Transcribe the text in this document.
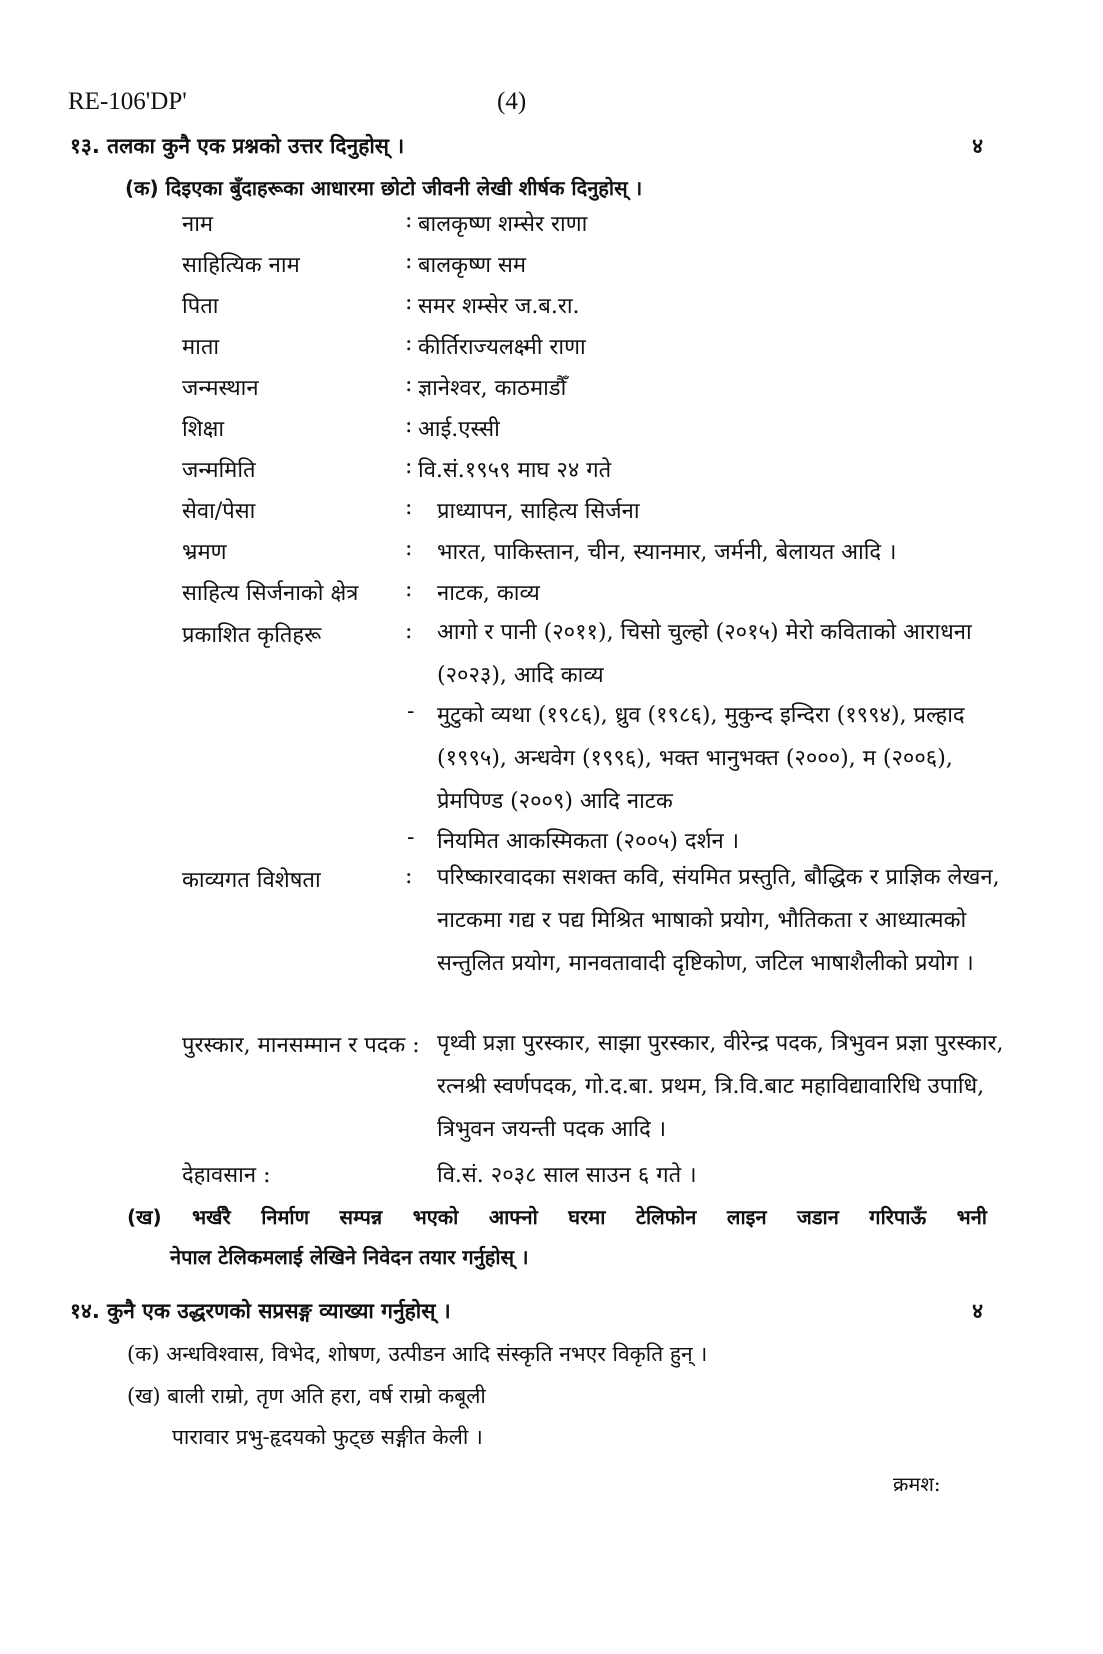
RE-106'DP'	(4)
१३. तलका कुनै एक प्रश्नको उत्तर दिनुहोस् ।	४
(क) दिइएका बुँदाहरूका आधारमा छोटो जीवनी लेखी शीर्षक दिनुहोस् ।
नाम	: बालकृष्ण शम्सेर राणा
साहित्यिक नाम	: बालकृष्ण सम
पिता	: समर शम्सेर ज.ब.रा.
माता	: कीर्तिराज्यलक्ष्मी राणा
जन्मस्थान	: ज्ञानेश्वर, काठमाडौँ
शिक्षा	: आई.एस्सी
जन्ममिति	: वि.सं.१९५९ माघ २४ गते
सेवा/पेसा	: प्राध्यापन, साहित्य सिर्जना
भ्रमण	: भारत, पाकिस्तान, चीन, स्यानमार, जर्मनी, बेलायत आदि ।
साहित्य सिर्जनाको क्षेत्र : नाटक, काव्य
प्रकाशित कृतिहरू	: आगो र पानी (२०११), चिसो चुल्हो (२०१५) मेरो कविताको आराधना (२०२३), आदि काव्य
- मुटुको व्यथा (१९८६), ध्रुव (१९८६), मुकुन्द इन्दिरा (१९९४), प्रल्हाद (१९९५), अन्धवेग (१९९६), भक्त भानुभक्त (२०००), म (२००६), प्रेमपिण्ड (२००९) आदि नाटक
- नियमित आकस्मिकता (२००५) दर्शन ।
काव्यगत विशेषता	: परिष्कारवादका सशक्त कवि, संयमित प्रस्तुति, बौद्धिक र प्राज्ञिक लेखन, नाटकमा गद्य र पद्य मिश्रित भाषाको प्रयोग, भौतिकता र आध्यात्मको सन्तुलित प्रयोग, मानवतावादी दृष्टिकोण, जटिल भाषाशैलीको प्रयोग ।
पुरस्कार, मानसम्मान र पदक : पृथ्वी प्रज्ञा पुरस्कार, साझा पुरस्कार, वीरेन्द्र पदक, त्रिभुवन प्रज्ञा पुरस्कार, रत्नश्री स्वर्णपदक, गो.द.बा. प्रथम, त्रि.वि.बाट महाविद्यावारिधि उपाधि, त्रिभुवन जयन्ती पदक आदि ।
देहावसान :	वि.सं. २०३८ साल साउन ६ गते ।
(ख) भर्खरै निर्माण सम्पन्न भएको आफ्नो घरमा टेलिफोन लाइन जडान गरिपाऊँ भनी
नेपाल टेलिकमलाई लेखिने निवेदन तयार गर्नुहोस् ।
१४. कुनै एक उद्धरणको सप्रसङ्ग व्याख्या गर्नुहोस् ।	४
(क) अन्धविश्वास, विभेद, शोषण, उत्पीडन आदि संस्कृति नभएर विकृति हुन् ।
(ख) बाली राम्रो, तृण अति हरा, वर्ष राम्रो कबूली
पारावार प्रभु-हृदयको फुट्छ सङ्गीत केली ।
क्रमश:
